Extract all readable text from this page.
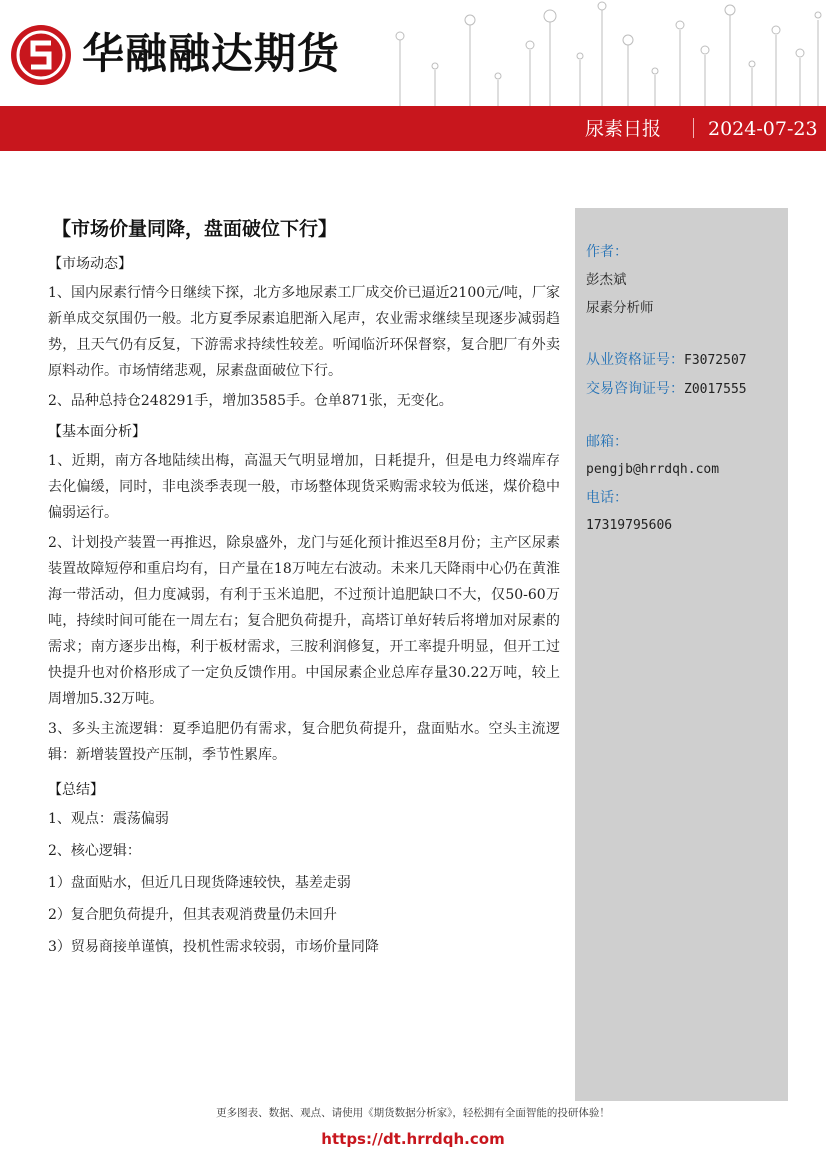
华融融达期货
尿素日报 2024-07-23
【市场价量同降，盘面破位下行】
【市场动态】
1、国内尿素行情今日继续下探，北方多地尿素工厂成交价已逼近2100元/吨，厂家新单成交氛围仍一般。北方夏季尿素追肥渐入尾声，农业需求继续呈现逐步减弱趋势，且天气仍有反复，下游需求持续性较差。听闻临沂环保督察，复合肥厂有外卖原料动作。市场情绪悲观，尿素盘面破位下行。
2、品种总持仓248291手，增加3585手。仓单871张，无变化。
【基本面分析】
1、近期，南方各地陆续出梅，高温天气明显增加，日耗提升，但是电力终端库存去化偏缓，同时，非电淡季表现一般，市场整体现货采购需求较为低迷，煤价稳中偏弱运行。
2、计划投产装置一再推迟，除泉盛外，龙门与延化预计推迟至8月份；主产区尿素装置故障短停和重启均有，日产量在18万吨左右波动。未来几天降雨中心仍在黄淮海一带活动，但力度减弱，有利于玉米追肥，不过预计追肥缺口不大，仅50-60万吨，持续时间可能在一周左右；复合肥负荷提升，高塔订单好转后将增加对尿素的需求；南方逐步出梅，利于板材需求，三胺利润修复，开工率提升明显，但开工过快提升也对价格形成了一定负反馈作用。中国尿素企业总库存量30.22万吨，较上周增加5.32万吨。
3、多头主流逻辑：夏季追肥仍有需求，复合肥负荷提升，盘面贴水。空头主流逻辑：新增装置投产压制，季节性累库。
【总结】
1、观点：震荡偏弱
2、核心逻辑：
1）盘面贴水，但近几日现货降速较快，基差走弱
2）复合肥负荷提升，但其表观消费量仍未回升
3）贸易商接单谨慎，投机性需求较弱，市场价量同降
作者：
彭杰斌
尿素分析师
从业资格证号：F3072507
交易咨询证号：Z0017555
邮箱：
pengjb@hrrdqh.com
电话：
17319795606
更多图表、数据、观点、请使用《期货数据分析家》，轻松拥有全面智能的投研体验！
https://dt.hrrdqh.com
